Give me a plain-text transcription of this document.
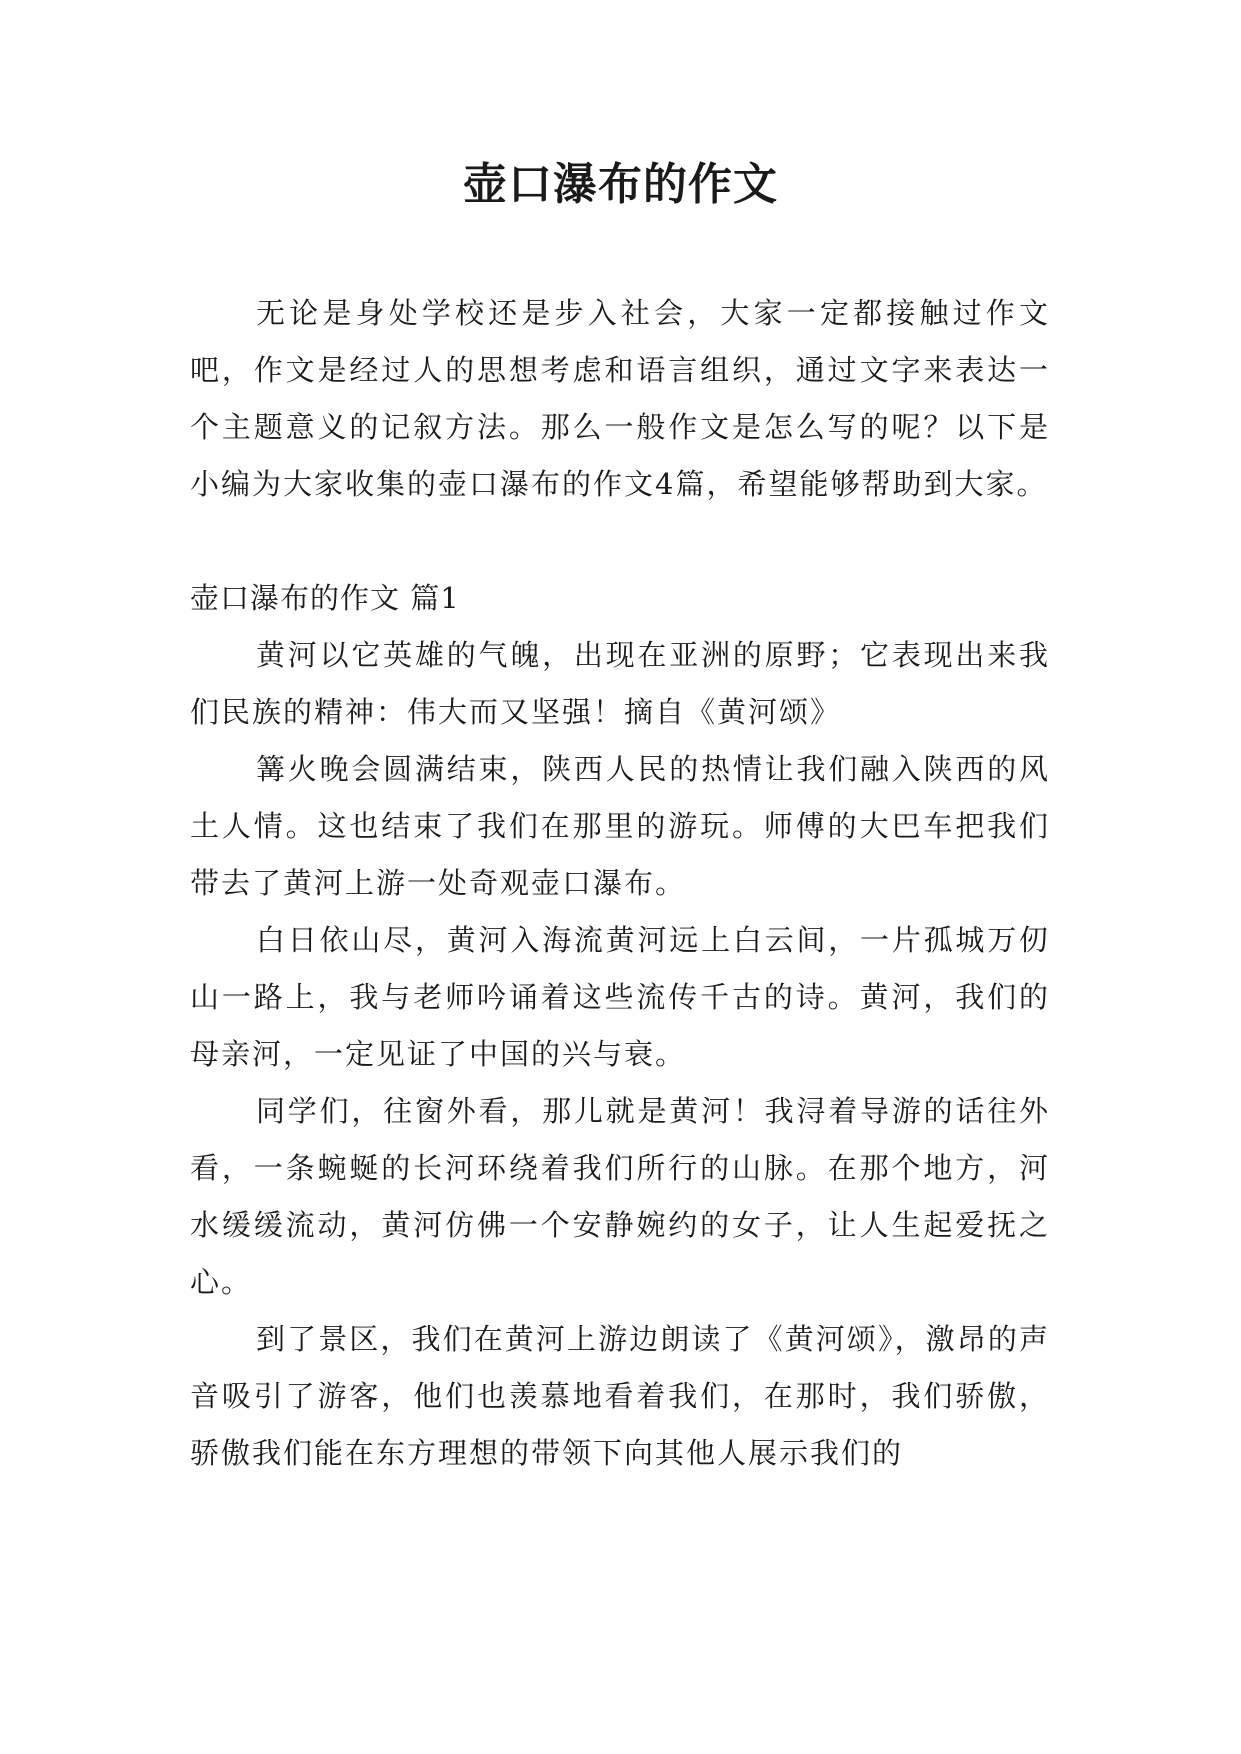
壶口瀑布的作文

无论是身处学校还是步入社会，大家一定都接触过作文吧，作文是经过人的思想考虑和语言组织，通过文字来表达一个主题意义的记叙方法。那么一般作文是怎么写的呢？以下是小编为大家收集的壶口瀑布的作文4篇，希望能够帮助到大家。

壶口瀑布的作文 篇1

黄河以它英雄的气魄，出现在亚洲的原野；它表现出来我们民族的精神：伟大而又坚强！摘自《黄河颂》

篝火晚会圆满结束，陕西人民的热情让我们融入陕西的风土人情。这也结束了我们在那里的游玩。师傅的大巴车把我们带去了黄河上游一处奇观壶口瀑布。

白日依山尽，黄河入海流黄河远上白云间，一片孤城万仞山一路上，我与老师吟诵着这些流传千古的诗。黄河，我们的母亲河，一定见证了中国的兴与衰。

同学们，往窗外看，那儿就是黄河！我浔着导游的话往外看，一条蜿蜒的长河环绕着我们所行的山脉。在那个地方，河水缓缓流动，黄河仿佛一个安静婉约的女子，让人生起爱抚之心。

到了景区，我们在黄河上游边朗读了《黄河颂》，激昂的声音吸引了游客，他们也羡慕地看着我们，在那时，我们骄傲，骄傲我们能在东方理想的带领下向其他人展示我们的
